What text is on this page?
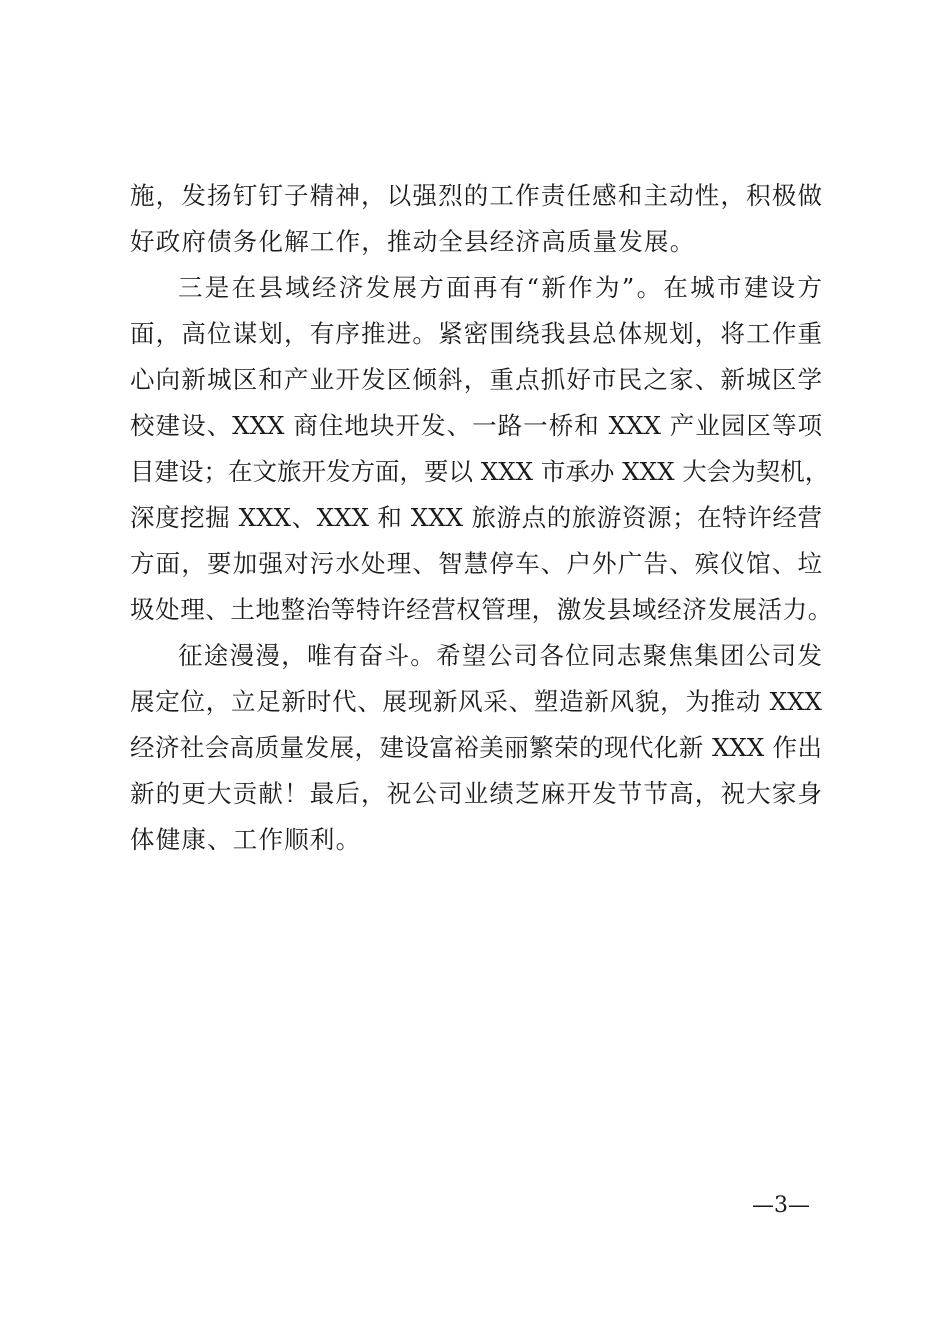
施，发扬钉钉子精神，以强烈的工作责任感和主动性，积极做
好政府债务化解工作，推动全县经济高质量发展。
三是在县域经济发展方面再有“新作为”。在城市建设方
面，高位谋划，有序推进。紧密围绕我县总体规划，将工作重
心向新城区和产业开发区倾斜，重点抓好市民之家、新城区学
校建设、XXX 商住地块开发、一路一桥和 XXX 产业园区等项
目建设；在文旅开发方面，要以 XXX 市承办 XXX 大会为契机，
深度挖掘 XXX、XXX 和 XXX 旅游点的旅游资源；在特许经营
方面，要加强对污水处理、智慧停车、户外广告、殡仪馆、垃
圾处理、土地整治等特许经营权管理，激发县域经济发展活力。
征途漫漫，唯有奋斗。希望公司各位同志聚焦集团公司发
展定位，立足新时代、展现新风采、塑造新风貌，为推动 XXX
经济社会高质量发展，建设富裕美丽繁荣的现代化新 XXX 作出
新的更大贡献！最后，祝公司业绩芝麻开发节节高，祝大家身
体健康、工作顺利。
—3—
